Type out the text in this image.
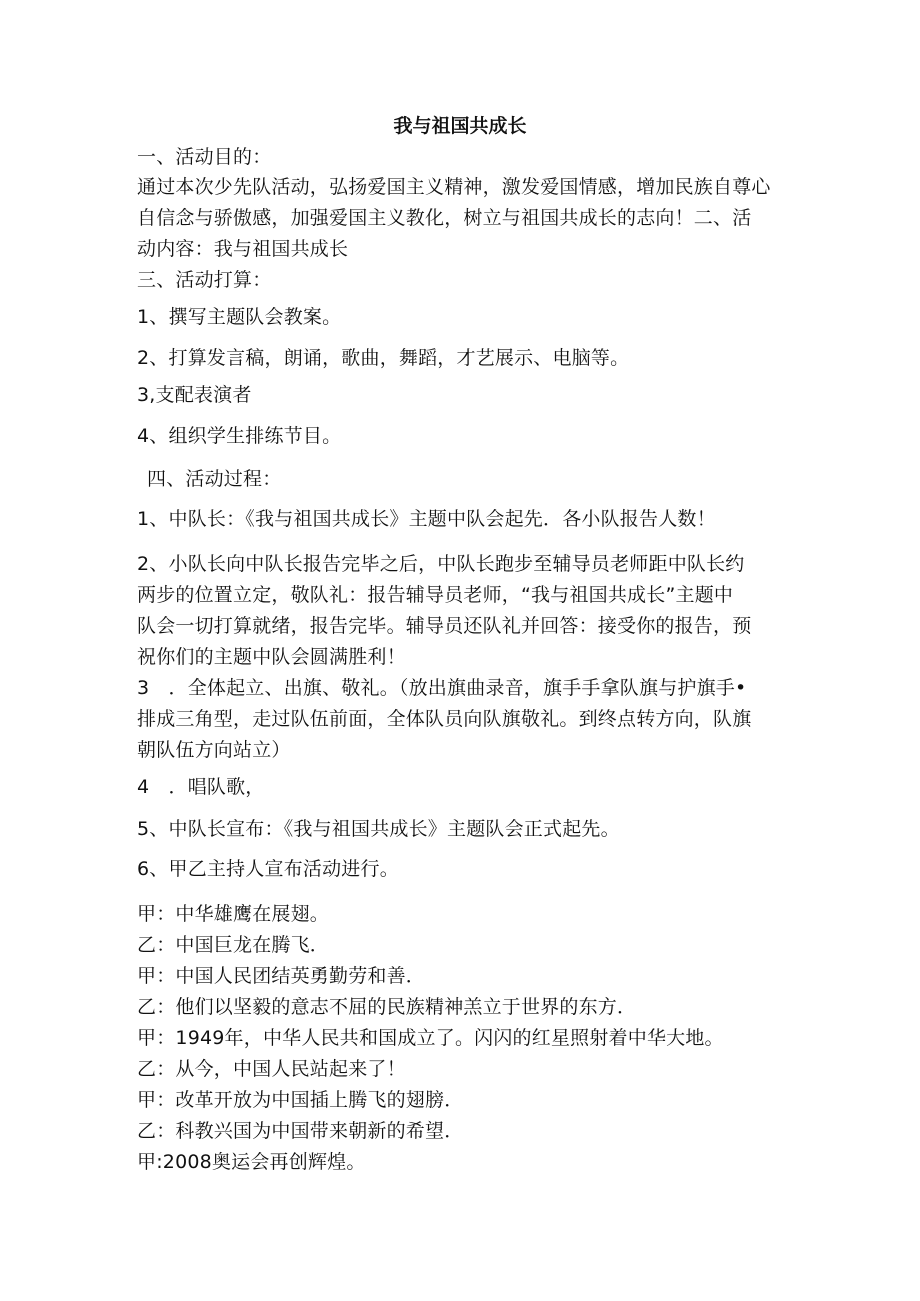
我与祖国共成长
一、活动目的：
通过本次少先队活动，弘扬爱国主义精神，激发爱国情感，增加民族自尊心
自信念与骄傲感，加强爱国主义教化，树立与祖国共成长的志向！二、活
动内容：我与祖国共成长
三、活动打算：
1、撰写主题队会教案。
2、打算发言稿，朗诵，歌曲，舞蹈，才艺展示、电脑等。
3,支配表演者
4、组织学生排练节目。
四、活动过程：
1、中队长：《我与祖国共成长》主题中队会起先．各小队报告人数！
2、小队长向中队长报告完毕之后，中队长跑步至辅导员老师距中队长约
两步的位置立定，敬队礼：报告辅导员老师，“我与祖国共成长”主题中
队会一切打算就绪，报告完毕。辅导员还队礼并回答：接受你的报告，预
祝你们的主题中队会圆满胜利！
3　．全体起立、出旗、敬礼。（放出旗曲录音，旗手手拿队旗与护旗手•
排成三角型，走过队伍前面，全体队员向队旗敬礼。到终点转方向，队旗
朝队伍方向站立）
4　．唱队歌，
5、中队长宣布：《我与祖国共成长》主题队会正式起先。
6、甲乙主持人宣布活动进行。
甲：中华雄鹰在展翅。
乙：中国巨龙在腾飞．
甲：中国人民团结英勇勤劳和善．
乙：他们以坚毅的意志不屈的民族精神羔立于世界的东方．
甲：1949年，中华人民共和国成立了。闪闪的红星照射着中华大地。
乙：从今，中国人民站起来了！
甲：改革开放为中国插上腾飞的翅膀．
乙：科教兴国为中国带来朝新的希望．
甲:2008奥运会再创辉煌。
